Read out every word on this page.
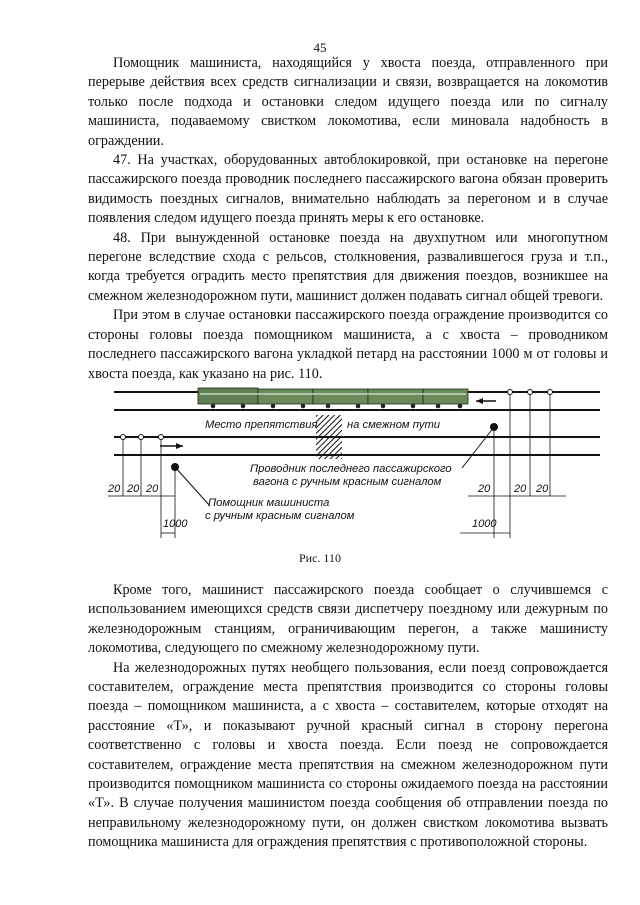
45

Помощник машиниста, находящийся у хвоста поезда, отправленного при перерыве действия всех средств сигнализации и связи, возвращается на локомотив только после подхода и остановки следом идущего поезда или по сигналу машиниста, подаваемому свистком локомотива, если миновала надобность в ограждении.

47. На участках, оборудованных автоблокировкой, при остановке на перегоне пассажирского поезда проводник последнего пассажирского вагона обязан проверить видимость поездных сигналов, внимательно наблюдать за перегоном и в случае появления следом идущего поезда принять меры к его остановке.

48. При вынужденной остановке поезда на двухпутном или многопутном перегоне вследствие схода с рельсов, столкновения, развалившегося груза и т.п., когда требуется оградить место препятствия для движения поездов, возникшее на смежном железнодорожном пути, машинист должен подавать сигнал общей тревоги.

При этом в случае остановки пассажирского поезда ограждение производится со стороны головы поезда помощником машиниста, а с хвоста – проводником последнего пассажирского вагона укладкой петард на расстоянии 1000 м от головы и хвоста поезда, как указано на рис. 110.

Место препятствия	на смежном пути
Проводник последнего пассажирского
вагона с ручным красным сигналом
Помощник машиниста
с ручным красным сигналом
20 20 20
1000
20 20 20
1000
Рис. 110

Кроме того, машинист пассажирского поезда сообщает о случившемся с использованием имеющихся средств связи диспетчеру поездному или дежурным по железнодорожным станциям, ограничивающим перегон, а также машинисту локомотива, следующего по смежному железнодорожному пути.

На железнодорожных путях необщего пользования, если поезд сопровождается составителем, ограждение места препятствия производится со стороны головы поезда – помощником машиниста, а с хвоста – составителем, которые отходят на расстояние «Т», и показывают ручной красный сигнал в сторону перегона соответственно с головы и хвоста поезда. Если поезд не сопровождается составителем, ограждение места препятствия на смежном железнодорожном пути производится помощником машиниста со стороны ожидаемого поезда на расстоянии «Т». В случае получения машинистом поезда сообщения об отправлении поезда по неправильному железнодорожному пути, он должен свистком локомотива вызвать помощника машиниста для ограждения препятствия с противоположной стороны.
